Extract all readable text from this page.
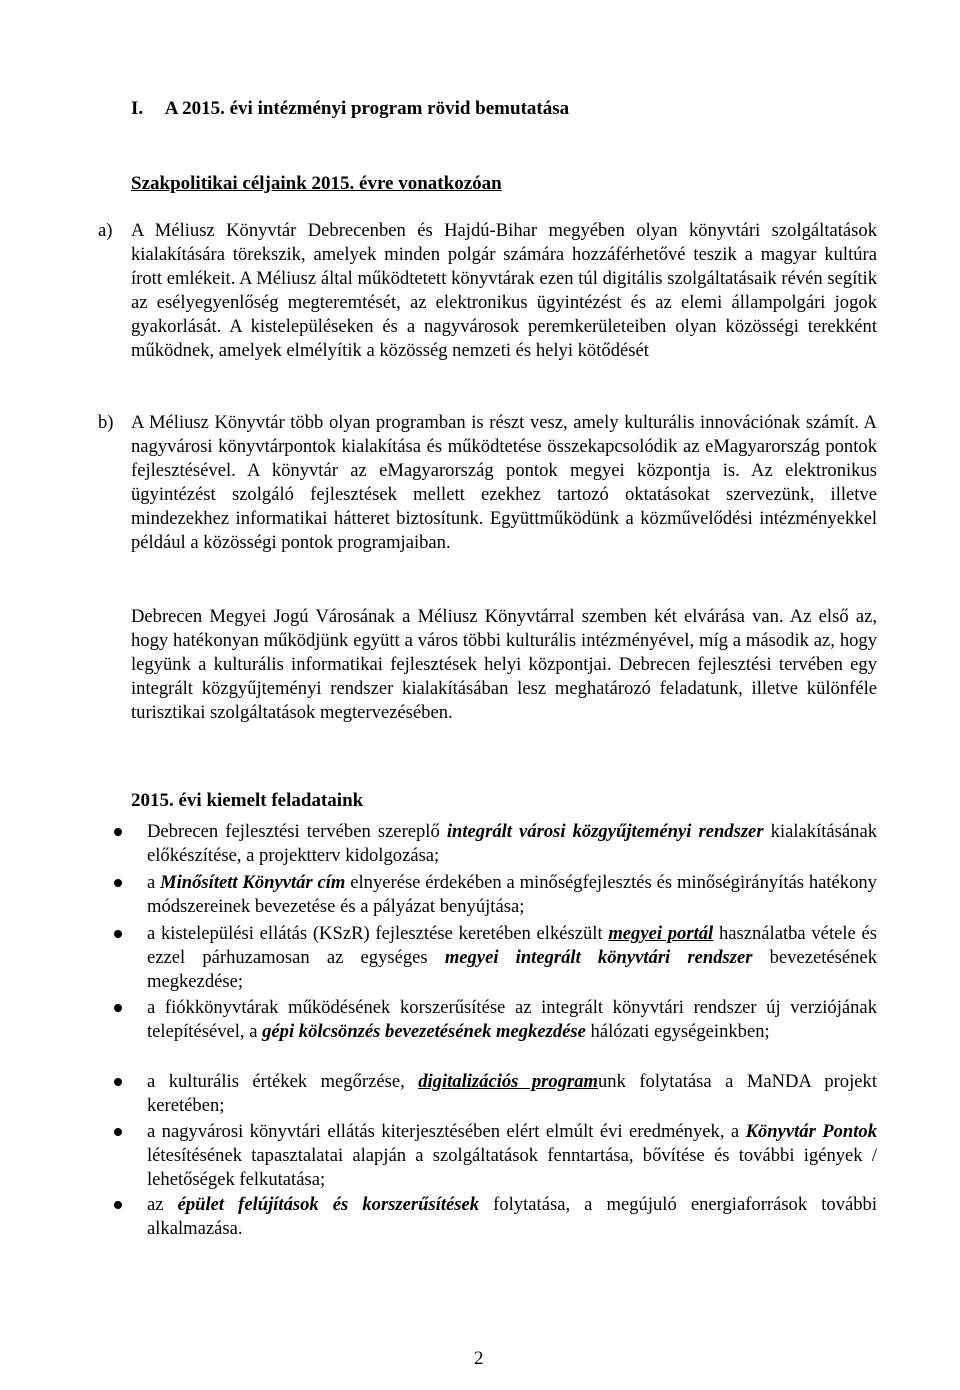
I. A 2015. évi intézményi program rövid bemutatása
Szakpolitikai céljaink 2015. évre vonatkozóan
a) A Méliusz Könyvtár Debrecenben és Hajdú-Bihar megyében olyan könyvtári szolgáltatások kialakítására törekszik, amelyek minden polgár számára hozzáférhetővé teszik a magyar kultúra írott emlékeit. A Méliusz által működtetett könyvtárak ezen túl digitális szolgáltatásaik révén segítik az esélyegyenlőség megteremtését, az elektronikus ügyintézést és az elemi állampolgári jogok gyakorlását. A kistelepüléseken és a nagyvárosok peremkerületeiben olyan közösségi terekként működnek, amelyek elmélyítik a közösség nemzeti és helyi kötődését

b) A Méliusz Könyvtár több olyan programban is részt vesz, amely kulturális innovációnak számít. A nagyvárosi könyvtárpontok kialakítása és működtetése összekapcsolódik az eMagyarország pontok fejlesztésével. A könyvtár az eMagyarország pontok megyei központja is. Az elektronikus ügyintézést szolgáló fejlesztések mellett ezekhez tartozó oktatásokat szervezünk, illetve mindezekhez informatikai hátteret biztosítunk. Együttműködünk a közművelődési intézményekkel például a közösségi pontok programjaiban.

Debrecen Megyei Jogú Városának a Méliusz Könyvtárral szemben két elvárása van. Az első az, hogy hatékonyan működjünk együtt a város többi kulturális intézményével, míg a második az, hogy legyünk a kulturális informatikai fejlesztések helyi központjai. Debrecen fejlesztési tervében egy integrált közgyűjteményi rendszer kialakításában lesz meghatározó feladatunk, illetve különféle turisztikai szolgáltatások megtervezésében.

2015. évi kiemelt feladataink
Debrecen fejlesztési tervében szereplő integrált városi közgyűjteményi rendszer kialakításának előkészítése, a projektterv kidolgozása;
a Minősített Könyvtár cím elnyerése érdekében a minőségfejlesztés és minőségirányítás hatékony módszereinek bevezetése és a pályázat benyújtása;
a kistelepülési ellátás (KSzR) fejlesztése keretében elkészült megyei portál használatba vétele és ezzel párhuzamosan az egységes megyei integrált könyvtári rendszer bevezetésének megkezdése;
a fiókkönyvtárak működésének korszerűsítése az integrált könyvtári rendszer új verziójának telepítésével, a gépi kölcsönzés bevezetésének megkezdése hálózati egységeinkben;
a kulturális értékek megőrzése, digitalizációs programunk folytatása a MaNDA projekt keretében;
a nagyvárosi könyvtári ellátás kiterjesztésében elért elmúlt évi eredmények, a Könyvtár Pontok létesítésének tapasztalatai alapján a szolgáltatások fenntartása, bővítése és további igények / lehetőségek felkutatása;
az épület felújítások és korszerűsítések folytatása, a megújuló energiaforrások további alkalmazása.
2
